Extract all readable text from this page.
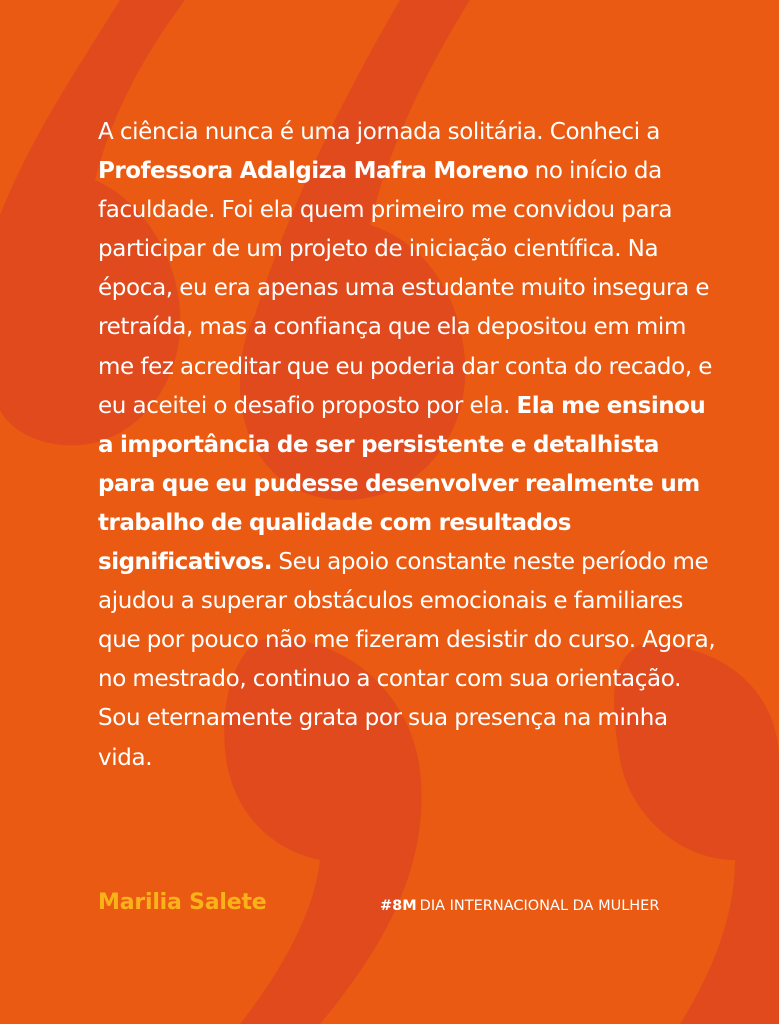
A ciência nunca é uma jornada solitária. Conheci a Professora Adalgiza Mafra Moreno no início da faculdade. Foi ela quem primeiro me convidou para participar de um projeto de iniciação científica. Na época, eu era apenas uma estudante muito insegura e retraída, mas a confiança que ela depositou em mim me fez acreditar que eu poderia dar conta do recado, e eu aceitei o desafio proposto por ela. Ela me ensinou a importância de ser persistente e detalhista para que eu pudesse desenvolver realmente um trabalho de qualidade com resultados significativos. Seu apoio constante neste período me ajudou a superar obstáculos emocionais e familiares que por pouco não me fizeram desistir do curso. Agora, no mestrado, continuo a contar com sua orientação. Sou eternamente grata por sua presença na minha vida.

Marilia Salete	#8M DIA INTERNACIONAL DA MULHER
